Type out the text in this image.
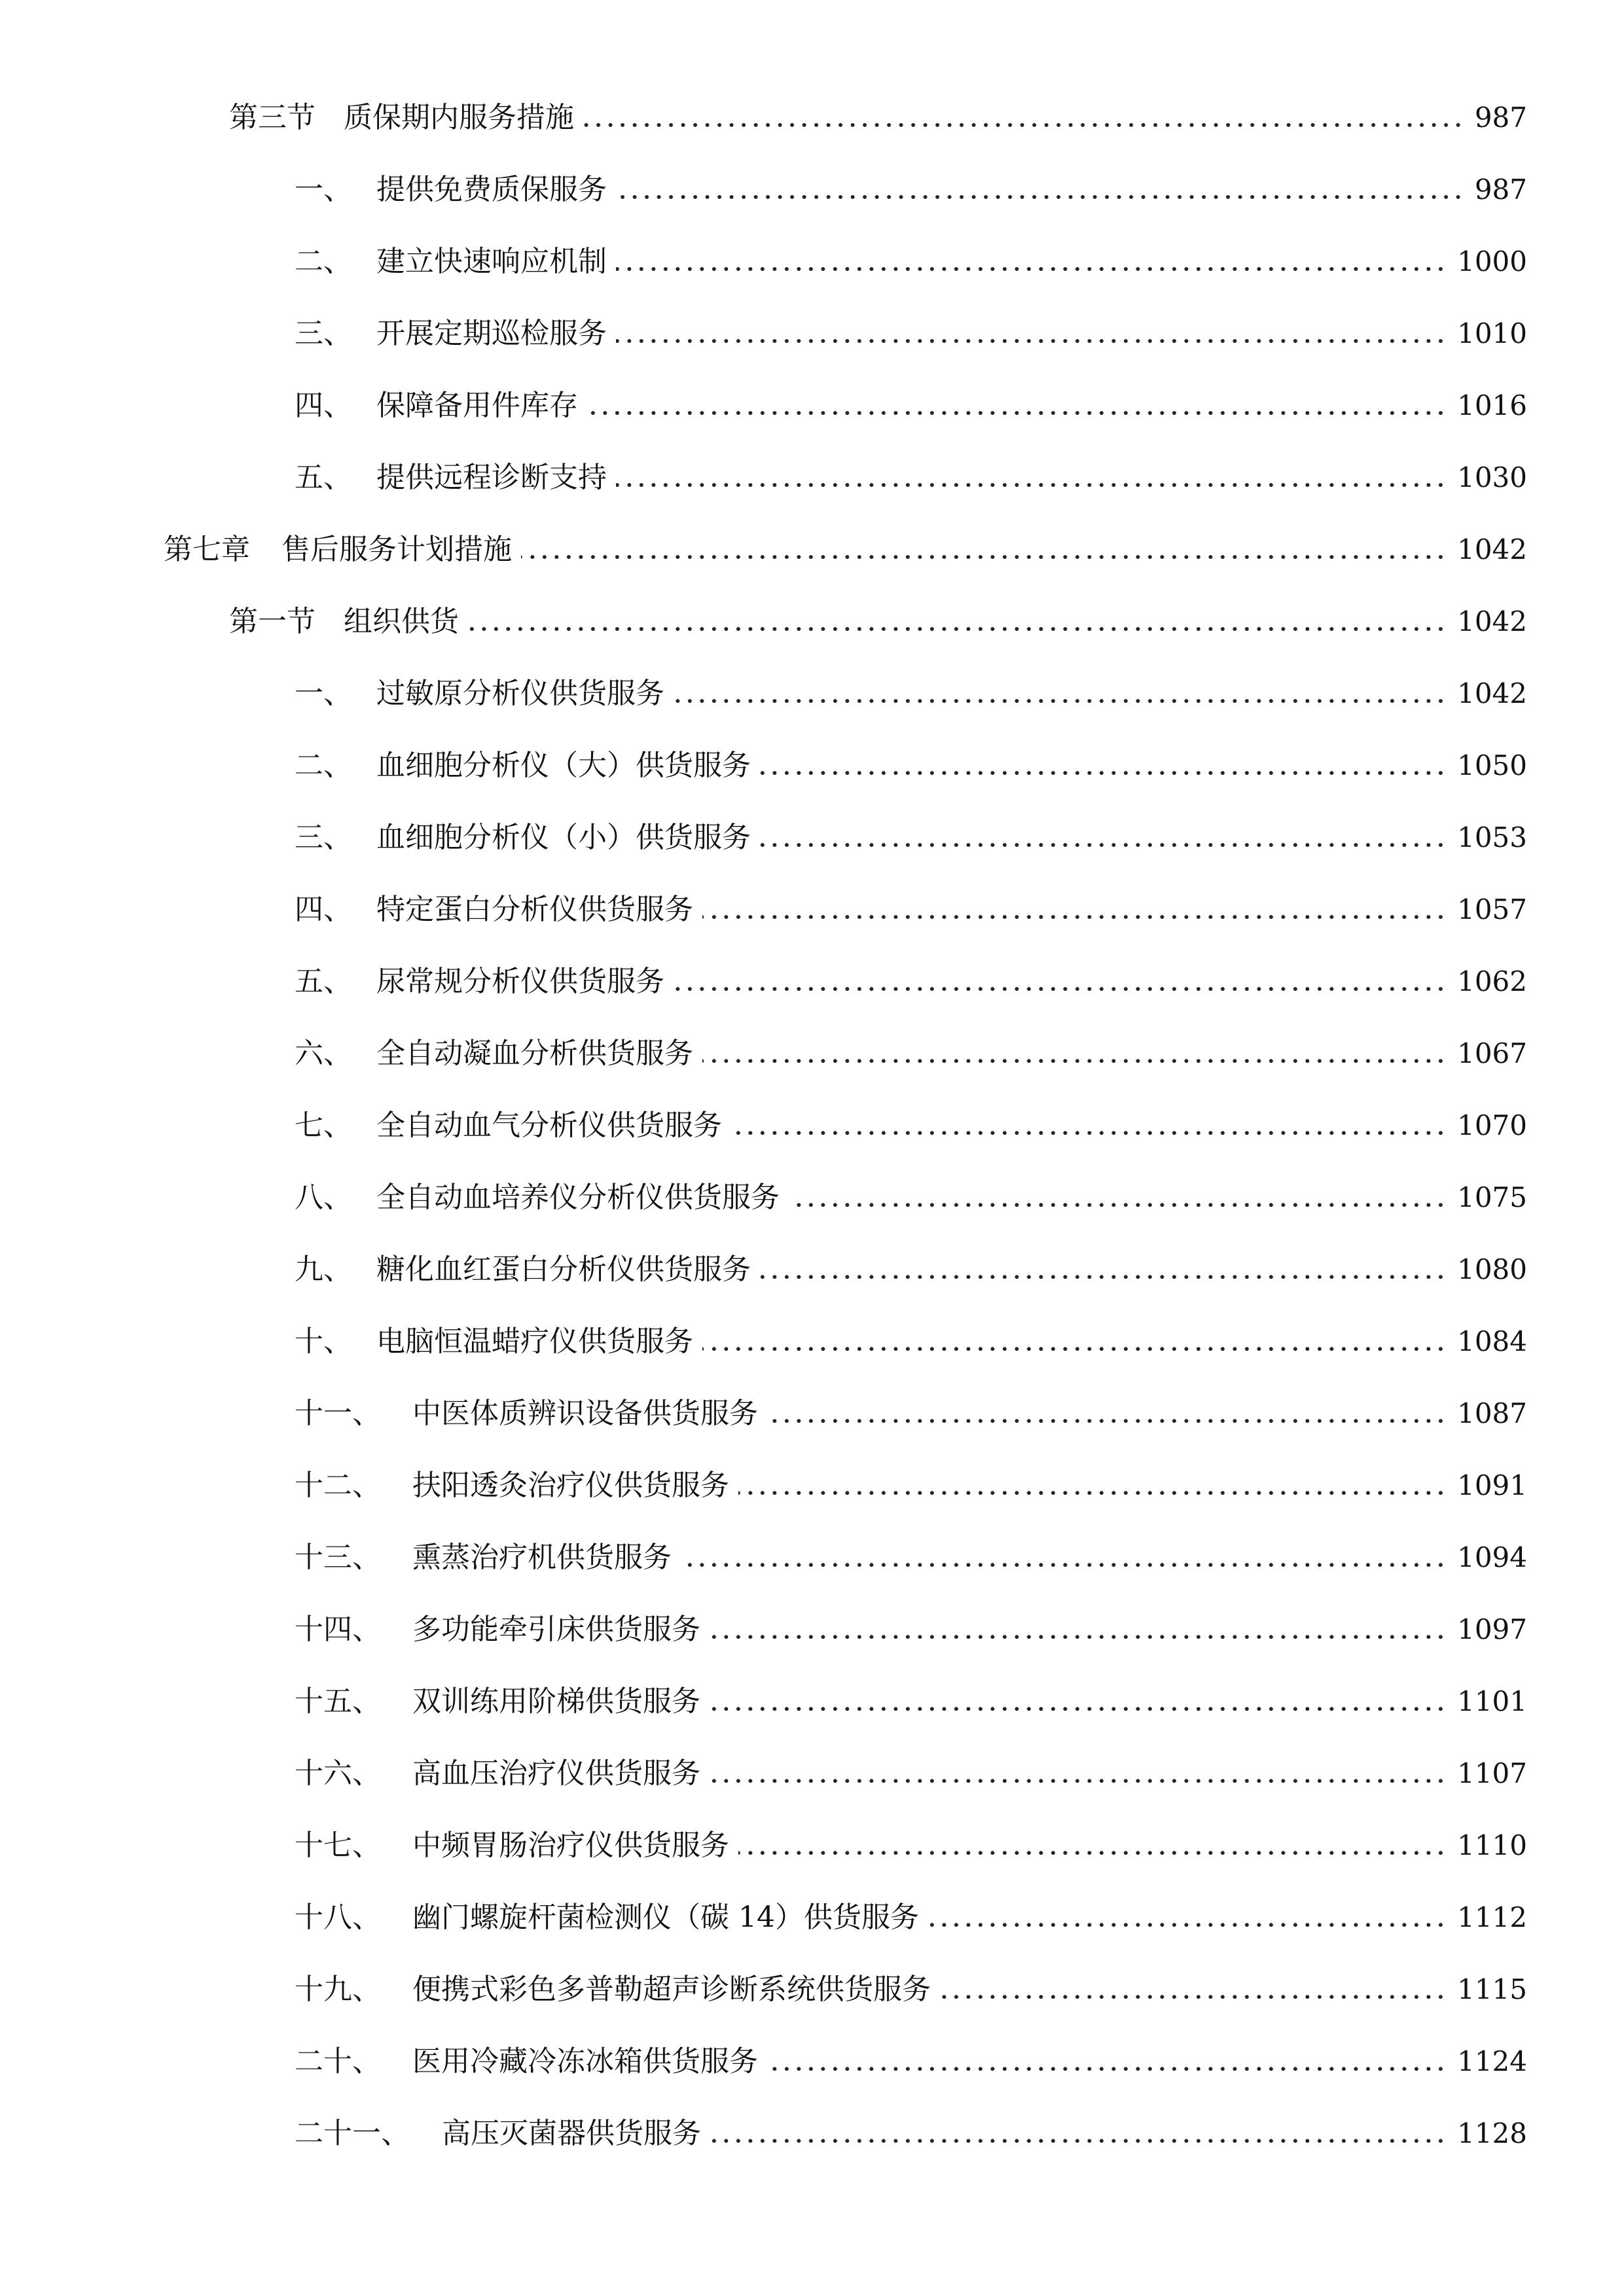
第三节 质保期内服务措施	987
一、 提供免费质保服务	987
二、 建立快速响应机制	1000
三、 开展定期巡检服务	1010
四、 保障备用件库存	1016
五、 提供远程诊断支持	1030
第七章	售后服务计划措施	1042
第一节 组织供货	1042
一、 过敏原分析仪供货服务	1042
二、 血细胞分析仪（大）供货服务	1050
三、 血细胞分析仪（小）供货服务	1053
四、 特定蛋白分析仪供货服务	1057
五、 尿常规分析仪供货服务	1062
六、 全自动凝血分析供货服务	1067
七、 全自动血气分析仪供货服务	1070
八、 全自动血培养仪分析仪供货服务	1075
九、 糖化血红蛋白分析仪供货服务	1080
十、 电脑恒温蜡疗仪供货服务	1084
十一、	中医体质辨识设备供货服务	1087
十二、	扶阳透灸治疗仪供货服务	1091
十三、	熏蒸治疗机供货服务	1094
十四、	多功能牵引床供货服务	1097
十五、	双训练用阶梯供货服务	1101
十六、	高血压治疗仪供货服务	1107
十七、	中频胃肠治疗仪供货服务	1110
十八、	幽门螺旋杆菌检测仪（碳 14）供货服务	1112
十九、	便携式彩色多普勒超声诊断系统供货服务	1115
二十、	医用冷藏冷冻冰箱供货服务	1124
二十一、	高压灭菌器供货服务	1128
